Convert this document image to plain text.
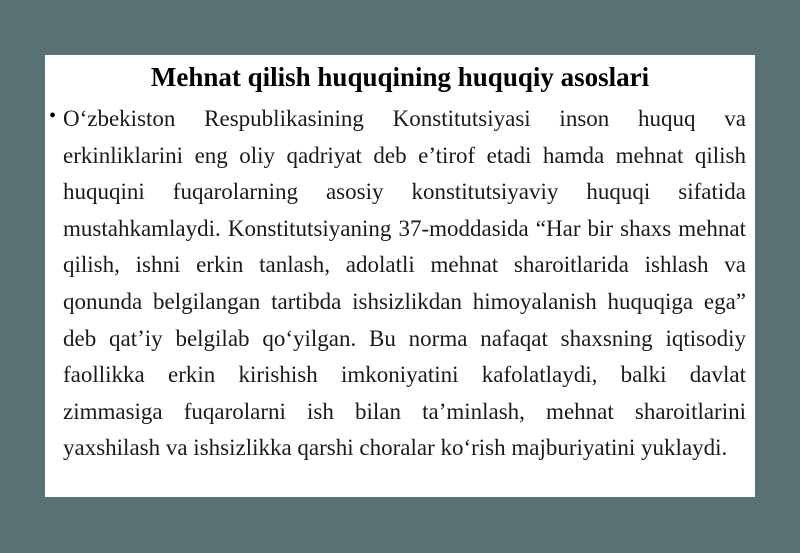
Mehnat qilish huquqining huquqiy asoslari
• O‘zbekiston Respublikasining Konstitutsiyasi inson huquq va erkinliklarini eng oliy qadriyat deb e’tirof etadi hamda mehnat qilish huquqini fuqarolarning asosiy konstitutsiyaviy huquqi sifatida mustahkamlaydi. Konstitutsiyaning 37-moddasida “Har bir shaxs mehnat qilish, ishni erkin tanlash, adolatli mehnat sharoitlarida ishlash va qonunda belgilangan tartibda ishsizlikdan himoyalanish huquqiga ega” deb qat’iy belgilab qo‘yilgan. Bu norma nafaqat shaxsning iqtisodiy faollikka erkin kirishish imkoniyatini kafolatlaydi, balki davlat zimmasiga fuqarolarni ish bilan ta’minlash, mehnat sharoitlarini yaxshilash va ishsizlikka qarshi choralar ko‘rish majburiyatini yuklaydi.
